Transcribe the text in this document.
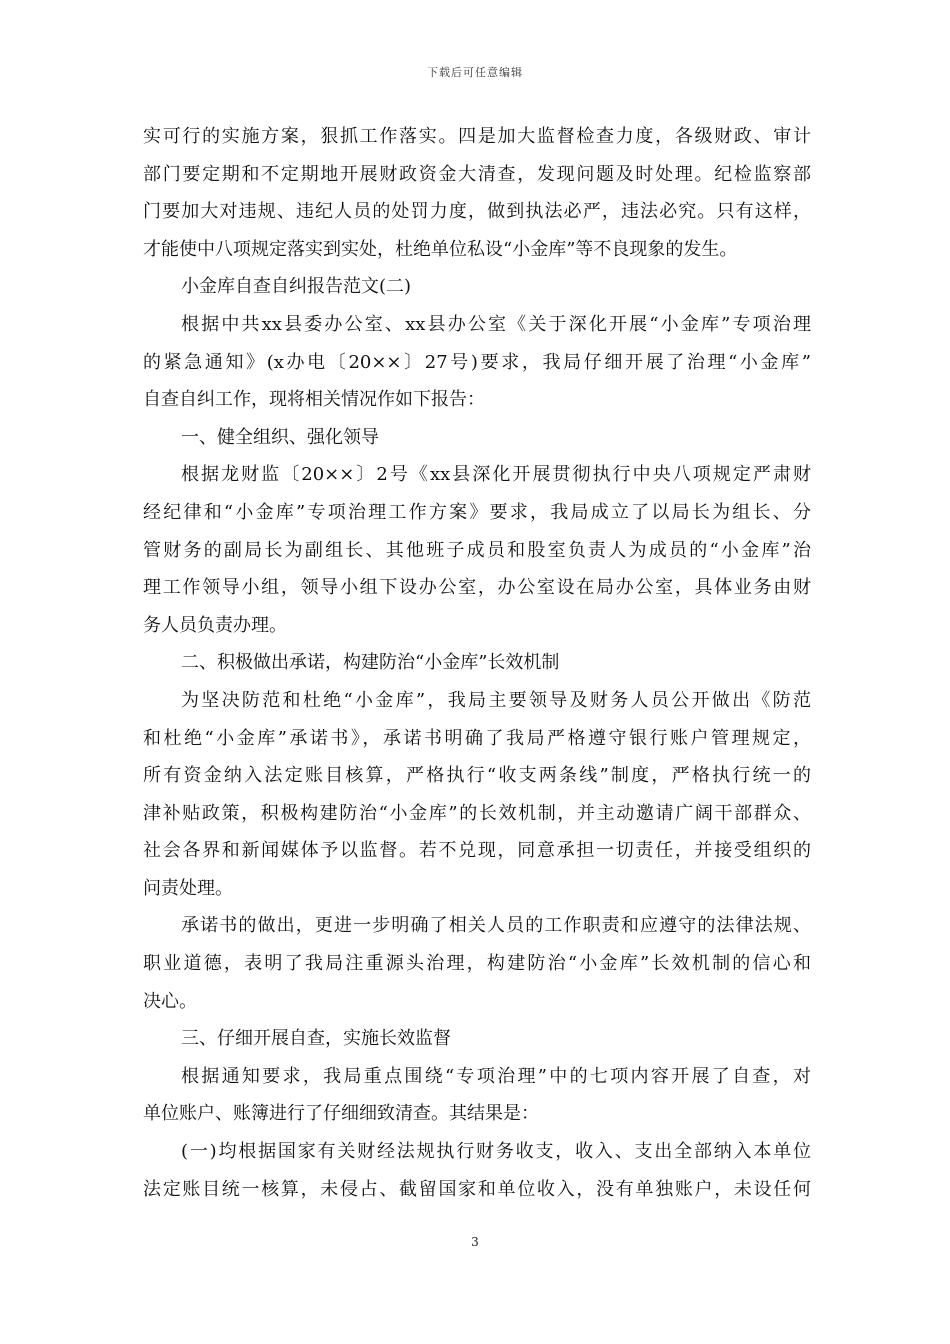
下载后可任意编辑
实可行的实施方案，狠抓工作落实。四是加大监督检查力度，各级财政、审计
部门要定期和不定期地开展财政资金大清查，发现问题及时处理。纪检监察部
门要加大对违规、违纪人员的处罚力度，做到执法必严，违法必究。只有这样，
才能使中八项规定落实到实处，杜绝单位私设“小金库”等不良现象的发生。
小金库自查自纠报告范文(二)
根据中共xx县委办公室、xx县办公室《关于深化开展“小金库”专项治理
的紧急通知》(x办电〔20××〕27号)要求，我局仔细开展了治理“小金库”
自查自纠工作，现将相关情况作如下报告：
一、健全组织、强化领导
根据龙财监〔20××〕2号《xx县深化开展贯彻执行中央八项规定严肃财
经纪律和“小金库”专项治理工作方案》要求，我局成立了以局长为组长、分
管财务的副局长为副组长、其他班子成员和股室负责人为成员的“小金库”治
理工作领导小组，领导小组下设办公室，办公室设在局办公室，具体业务由财
务人员负责办理。
二、积极做出承诺，构建防治“小金库”长效机制
为坚决防范和杜绝“小金库”，我局主要领导及财务人员公开做出《防范
和杜绝“小金库”承诺书》，承诺书明确了我局严格遵守银行账户管理规定，
所有资金纳入法定账目核算，严格执行“收支两条线”制度，严格执行统一的
津补贴政策，积极构建防治“小金库”的长效机制，并主动邀请广阔干部群众、
社会各界和新闻媒体予以监督。若不兑现，同意承担一切责任，并接受组织的
问责处理。
承诺书的做出，更进一步明确了相关人员的工作职责和应遵守的法律法规、
职业道德，表明了我局注重源头治理，构建防治“小金库”长效机制的信心和
决心。
三、仔细开展自查，实施长效监督
根据通知要求，我局重点围绕“专项治理”中的七项内容开展了自查，对
单位账户、账簿进行了仔细细致清查。其结果是：
(一)均根据国家有关财经法规执行财务收支，收入、支出全部纳入本单位
法定账目统一核算，未侵占、截留国家和单位收入，没有单独账户，未设任何
3
